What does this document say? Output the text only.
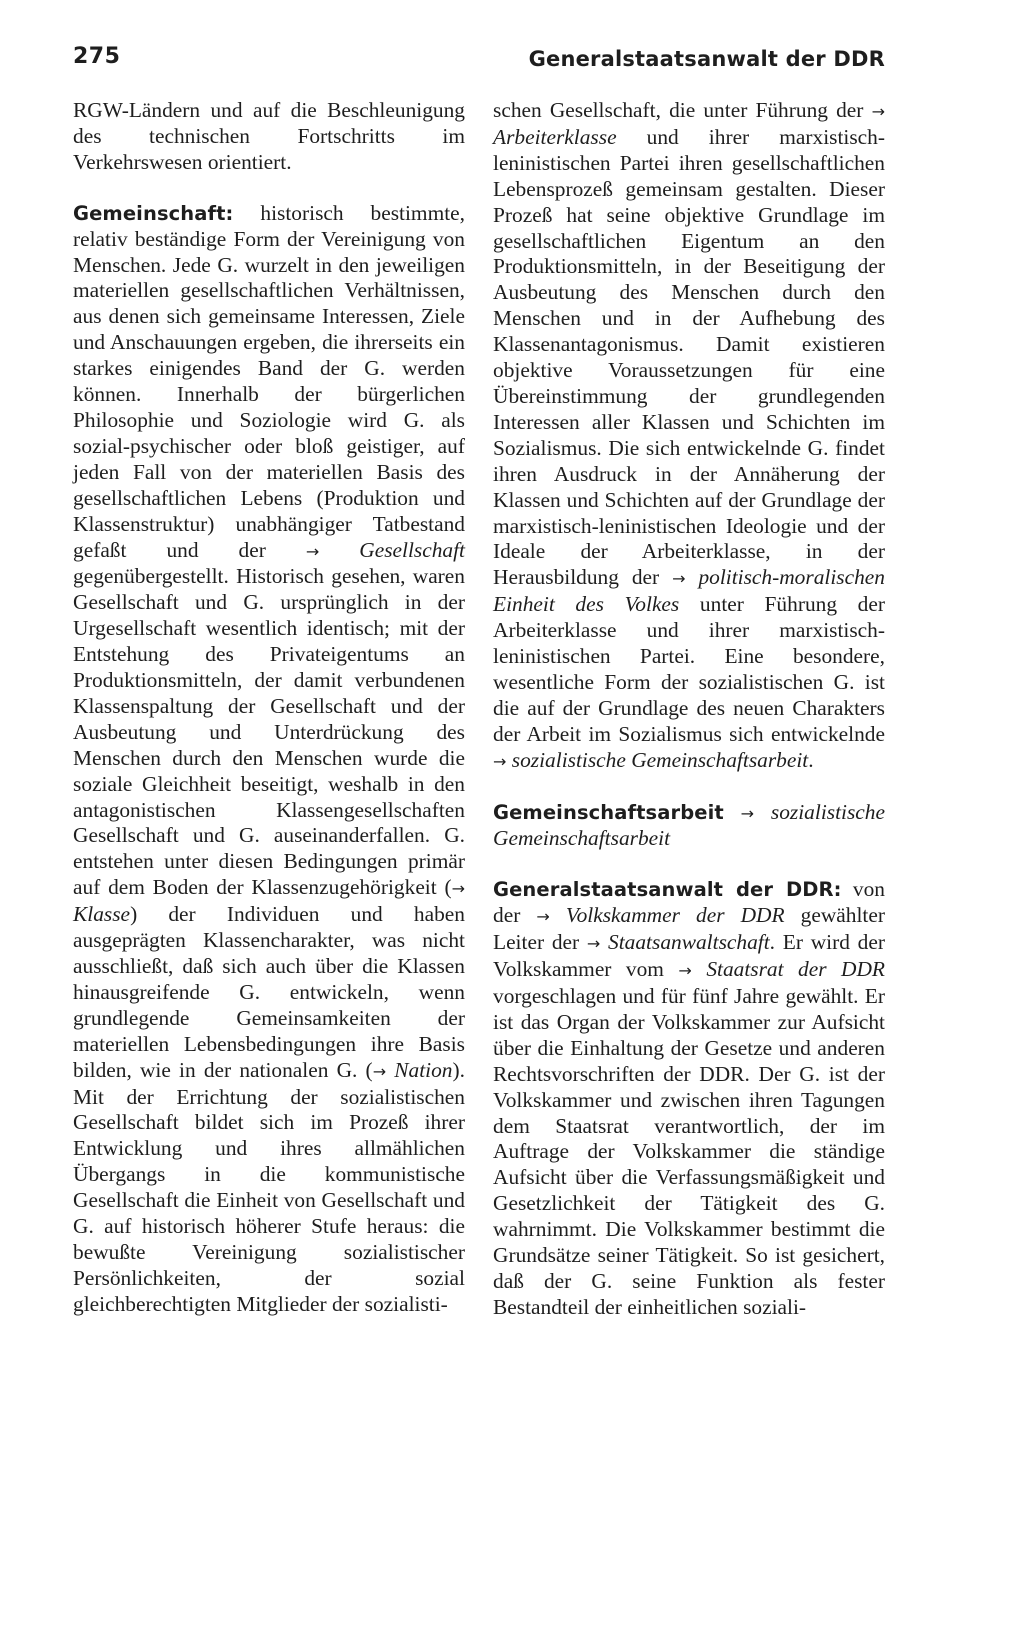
275	Generalstaatsanwalt der DDR

RGW-Ländern und auf die Beschleunigung des technischen Fortschritts im Verkehrswesen orientiert.

Gemeinschaft: historisch bestimmte, relativ beständige Form der Vereinigung von Menschen. Jede G. wurzelt in den jeweiligen materiellen gesellschaftlichen Verhältnissen, aus denen sich gemeinsame Interessen, Ziele und Anschauungen ergeben, die ihrerseits ein starkes einigendes Band der G. werden können. Innerhalb der bürgerlichen Philosophie und Soziologie wird G. als sozial-psychischer oder bloß geistiger, auf jeden Fall von der materiellen Basis des gesellschaftlichen Lebens (Produktion und Klassenstruktur) unabhängiger Tatbestand gefaßt und der → Gesellschaft gegenübergestellt. Historisch gesehen, waren Gesellschaft und G. ursprünglich in der Urgesellschaft wesentlich identisch; mit der Entstehung des Privateigentums an Produktionsmitteln, der damit verbundenen Klassenspaltung der Gesellschaft und der Ausbeutung und Unterdrückung des Menschen durch den Menschen wurde die soziale Gleichheit beseitigt, weshalb in den antagonistischen Klassengesellschaften Gesellschaft und G. auseinanderfallen. G. entstehen unter diesen Bedingungen primär auf dem Boden der Klassenzugehörigkeit (→ Klasse) der Individuen und haben ausgeprägten Klassencharakter, was nicht ausschließt, daß sich auch über die Klassen hinausgreifende G. entwickeln, wenn grundlegende Gemeinsamkeiten der materiellen Lebensbedingungen ihre Basis bilden, wie in der nationalen G. (→ Nation). Mit der Errichtung der sozialistischen Gesellschaft bildet sich im Prozeß ihrer Entwicklung und ihres allmählichen Übergangs in die kommunistische Gesellschaft die Einheit von Gesellschaft und G. auf historisch höherer Stufe heraus: die bewußte Vereinigung sozialistischer Persönlichkeiten, der sozial gleichberechtigten Mitglieder der sozialisti-

schen Gesellschaft, die unter Führung der → Arbeiterklasse und ihrer marxistisch-leninistischen Partei ihren gesellschaftlichen Lebensprozeß gemeinsam gestalten. Dieser Prozeß hat seine objektive Grundlage im gesellschaftlichen Eigentum an den Produktionsmitteln, in der Beseitigung der Ausbeutung des Menschen durch den Menschen und in der Aufhebung des Klassenantagonismus. Damit existieren objektive Voraussetzungen für eine Übereinstimmung der grundlegenden Interessen aller Klassen und Schichten im Sozialismus. Die sich entwickelnde G. findet ihren Ausdruck in der Annäherung der Klassen und Schichten auf der Grundlage der marxistisch-leninistischen Ideologie und der Ideale der Arbeiterklasse, in der Herausbildung der → politisch-moralischen Einheit des Volkes unter Führung der Arbeiterklasse und ihrer marxistisch-leninistischen Partei. Eine besondere, wesentliche Form der sozialistischen G. ist die auf der Grundlage des neuen Charakters der Arbeit im Sozialismus sich entwickelnde → sozialistische Gemeinschaftsarbeit.

Gemeinschaftsarbeit → sozialistische Gemeinschaftsarbeit

Generalstaatsanwalt der DDR: von der → Volkskammer der DDR gewählter Leiter der → Staatsanwaltschaft. Er wird der Volkskammer vom → Staatsrat der DDR vorgeschlagen und für fünf Jahre gewählt. Er ist das Organ der Volkskammer zur Aufsicht über die Einhaltung der Gesetze und anderen Rechtsvorschriften der DDR. Der G. ist der Volkskammer und zwischen ihren Tagungen dem Staatsrat verantwortlich, der im Auftrage der Volkskammer die ständige Aufsicht über die Verfassungsmäßigkeit und Gesetzlichkeit der Tätigkeit des G. wahrnimmt. Die Volkskammer bestimmt die Grundsätze seiner Tätigkeit. So ist gesichert, daß der G. seine Funktion als fester Bestandteil der einheitlichen soziali-
